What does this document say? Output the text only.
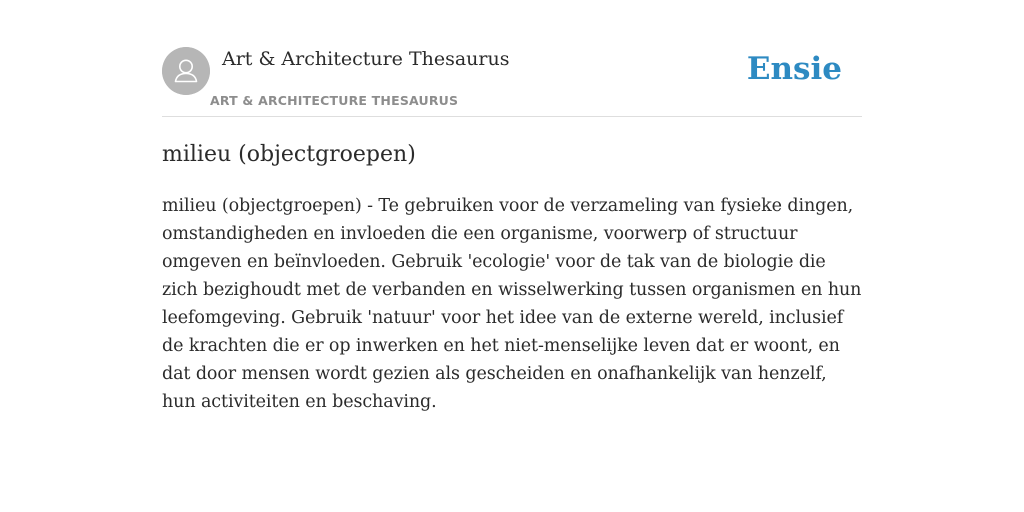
Art & Architecture Thesaurus
ART & ARCHITECTURE THESAURUS
Ensie
milieu (objectgroepen)

milieu (objectgroepen) - Te gebruiken voor de verzameling van fysieke dingen, omstandigheden en invloeden die een organisme, voorwerp of structuur omgeven en beïnvloeden. Gebruik 'ecologie' voor de tak van de biologie die zich bezighoudt met de verbanden en wisselwerking tussen organismen en hun leefomgeving. Gebruik 'natuur' voor het idee van de externe wereld, inclusief de krachten die er op inwerken en het niet-menselijke leven dat er woont, en dat door mensen wordt gezien als gescheiden en onafhankelijk van henzelf, hun activiteiten en beschaving.
